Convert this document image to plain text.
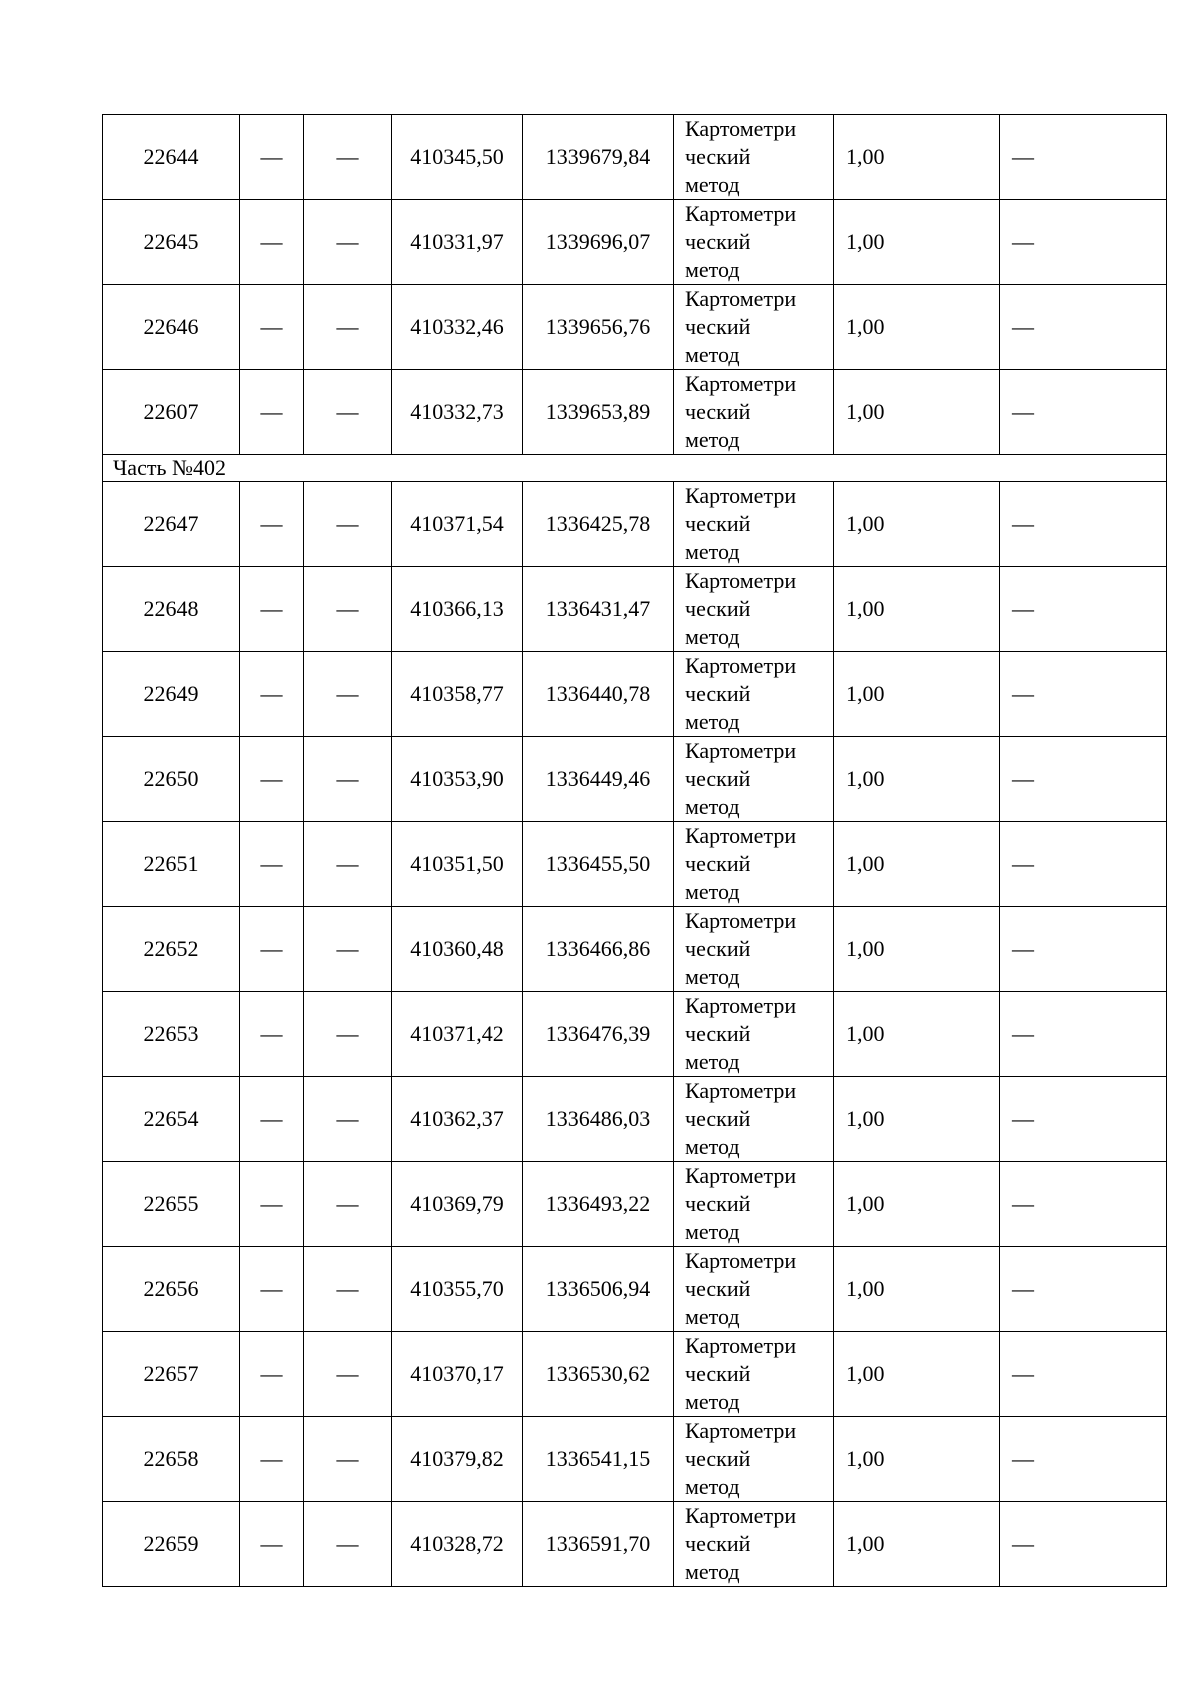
22644	—	—	410345,50	1339679,84	Картометри
ческий
метод	1,00	—
22645	—	—	410331,97	1339696,07	Картометри
ческий
метод	1,00	—
22646	—	—	410332,46	1339656,76	Картометри
ческий
метод	1,00	—
22607	—	—	410332,73	1339653,89	Картометри
ческий
метод	1,00	—
Часть №402							
22647	—	—	410371,54	1336425,78	Картометри
ческий
метод	1,00	—
22648	—	—	410366,13	1336431,47	Картометри
ческий
метод	1,00	—
22649	—	—	410358,77	1336440,78	Картометри
ческий
метод	1,00	—
22650	—	—	410353,90	1336449,46	Картометри
ческий
метод	1,00	—
22651	—	—	410351,50	1336455,50	Картометри
ческий
метод	1,00	—
22652	—	—	410360,48	1336466,86	Картометри
ческий
метод	1,00	—
22653	—	—	410371,42	1336476,39	Картометри
ческий
метод	1,00	—
22654	—	—	410362,37	1336486,03	Картометри
ческий
метод	1,00	—
22655	—	—	410369,79	1336493,22	Картометри
ческий
метод	1,00	—
22656	—	—	410355,70	1336506,94	Картометри
ческий
метод	1,00	—
22657	—	—	410370,17	1336530,62	Картометри
ческий
метод	1,00	—
22658	—	—	410379,82	1336541,15	Картометри
ческий
метод	1,00	—
22659	—	—	410328,72	1336591,70	Картометри
ческий
метод	1,00	—
